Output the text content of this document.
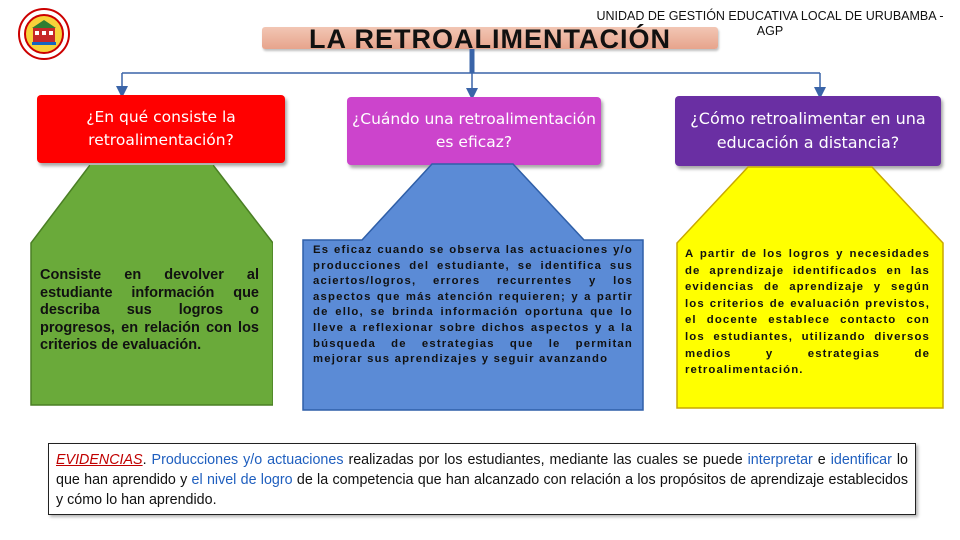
UNIDAD DE GESTIÓN EDUCATIVA LOCAL DE URUBAMBA - AGP
LA RETROALIMENTACIÓN
¿En qué consiste la retroalimentación?
¿Cuándo una retroalimentación es eficaz?
¿Cómo retroalimentar en una educación a distancia?
Consiste en devolver al estudiante información que describa sus logros o progresos, en relación con los criterios de evaluación.
Es eficaz cuando se observa las actuaciones y/o producciones del estudiante, se identifica sus aciertos/logros, errores recurrentes y los aspectos que más atención requieren; y a partir de ello, se brinda información oportuna que lo lleve a reflexionar sobre dichos aspectos y a la búsqueda de estrategias que le permitan mejorar sus aprendizajes y seguir avanzando
A partir de los logros y necesidades de aprendizaje identificados en las evidencias de aprendizaje y según los criterios de evaluación previstos, el docente establece contacto con los estudiantes, utilizando diversos medios y estrategias de retroalimentación.
EVIDENCIAS. Producciones y/o actuaciones realizadas por los estudiantes, mediante las cuales se puede interpretar e identificar lo que han aprendido y el nivel de logro de la competencia que han alcanzado con relación a los propósitos de aprendizaje establecidos y cómo lo han aprendido.
